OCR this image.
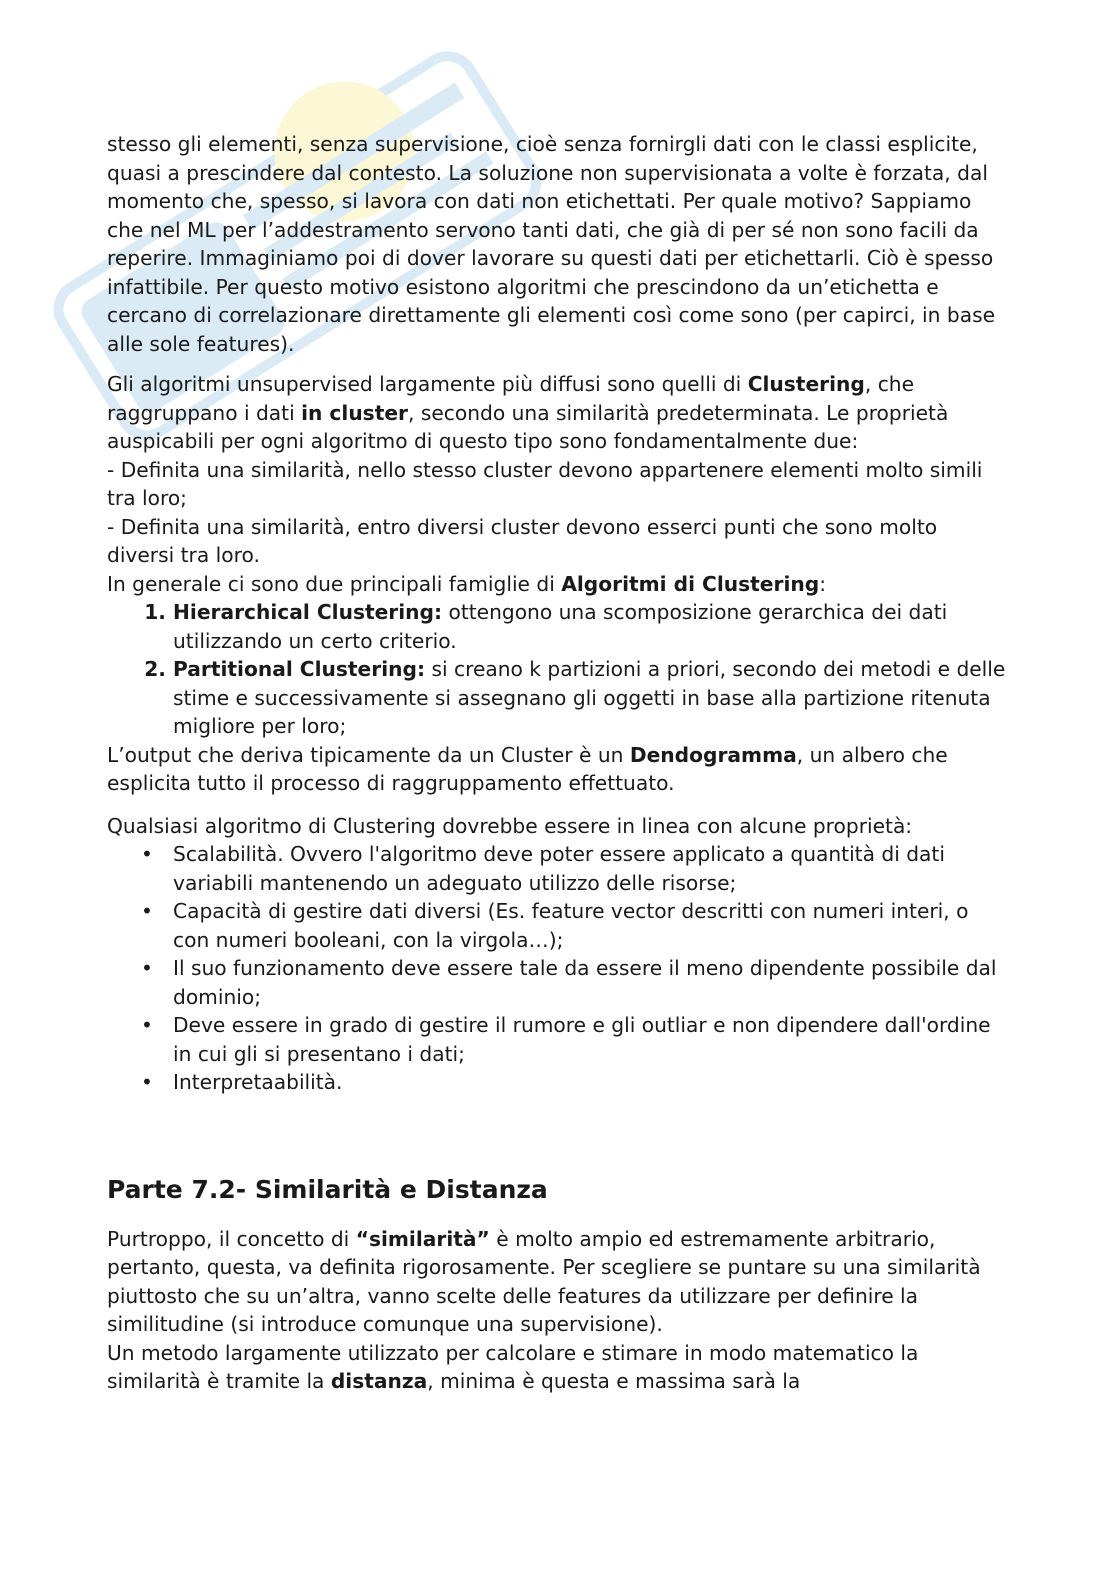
stesso gli elementi, senza supervisione, cioè senza fornirgli dati con le classi esplicite, quasi a prescindere dal contesto. La soluzione non supervisionata a volte è forzata, dal momento che, spesso, si lavora con dati non etichettati. Per quale motivo? Sappiamo che nel ML per l’addestramento servono tanti dati, che già di per sé non sono facili da reperire. Immaginiamo poi di dover lavorare su questi dati per etichettarli. Ciò è spesso infattibile. Per questo motivo esistono algoritmi che prescindono da un’etichetta e cercano di correlazionare direttamente gli elementi così come sono (per capirci, in base alle sole features).

Gli algoritmi unsupervised largamente più diffusi sono quelli di Clustering, che raggruppano i dati in cluster, secondo una similarità predeterminata. Le proprietà auspicabili per ogni algoritmo di questo tipo sono fondamentalmente due:

- Definita una similarità, nello stesso cluster devono appartenere elementi molto simili tra loro;

- Definita una similarità, entro diversi cluster devono esserci punti che sono molto diversi tra loro.

In generale ci sono due principali famiglie di Algoritmi di Clustering:

1. Hierarchical Clustering: ottengono una scomposizione gerarchica dei dati utilizzando un certo criterio.
2. Partitional Clustering: si creano k partizioni a priori, secondo dei metodi e delle stime e successivamente si assegnano gli oggetti in base alla partizione ritenuta migliore per loro;

L’output che deriva tipicamente da un Cluster è un Dendogramma, un albero che esplicita tutto il processo di raggruppamento effettuato.

Qualsiasi algoritmo di Clustering dovrebbe essere in linea con alcune proprietà:

• Scalabilità. Ovvero l'algoritmo deve poter essere applicato a quantità di dati variabili mantenendo un adeguato utilizzo delle risorse;
• Capacità di gestire dati diversi (Es. feature vector descritti con numeri interi, o con numeri booleani, con la virgola…);
• Il suo funzionamento deve essere tale da essere il meno dipendente possibile dal dominio;
• Deve essere in grado di gestire il rumore e gli outliar e non dipendere dall'ordine in cui gli si presentano i dati;
• Interpretaabilità.
Parte 7.2- Similarità e Distanza

Purtroppo, il concetto di “similarità” è molto ampio ed estremamente arbitrario, pertanto, questa, va definita rigorosamente. Per scegliere se puntare su una similarità piuttosto che su un’altra, vanno scelte delle features da utilizzare per definire la similitudine (si introduce comunque una supervisione).

Un metodo largamente utilizzato per calcolare e stimare in modo matematico la similarità è tramite la distanza, minima è questa e massima sarà la
